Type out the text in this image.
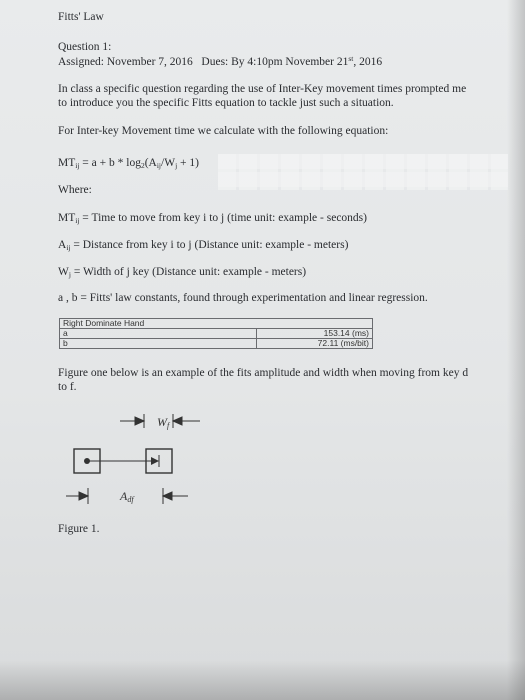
Fitts' Law
Question 1:
Assigned: November 7, 2016 Dues: By 4:10pm November 21st, 2016
In class a specific question regarding the use of Inter-Key movement times prompted me to introduce you the specific Fitts equation to tackle just such a situation.
For Inter-key Movement time we calculate with the following equation:
$MT_{ij} = a + b * \log_2(A_{ij}/W_j + 1)$
Where:
$MT_{ij}$ = Time to move from key i to j (time unit: example - seconds)
$A_{ij}$ = Distance from key i to j (Distance unit: example - meters)
$W_j$ = Width of j key (Distance unit: example - meters)
a , b = Fitts' law constants, found through experimentation and linear regression.
Right Dominate Hand	
a	153.14 (ms)
b	72.11 (ms/bit)
Figure one below is an example of the fits amplitude and width when moving from key d to f.
Wf
Adf
Figure 1.
